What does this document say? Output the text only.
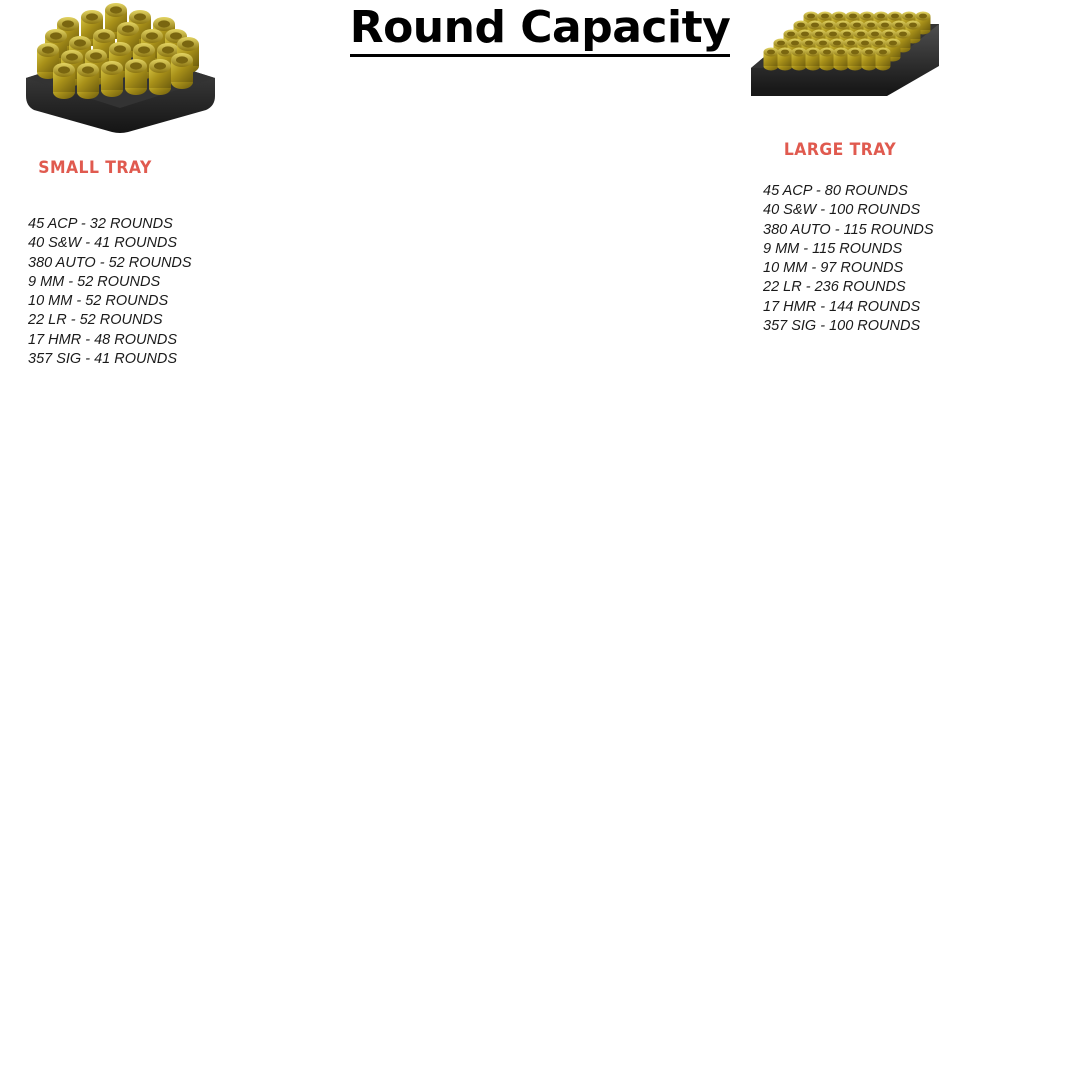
Round Capacity
SMALL TRAY
45 ACP - 32 ROUNDS
40 S&W - 41 ROUNDS
380 AUTO - 52 ROUNDS
9 MM - 52 ROUNDS
10 MM - 52 ROUNDS
22 LR - 52 ROUNDS
17 HMR - 48 ROUNDS
357 SIG - 41 ROUNDS
LARGE TRAY
45 ACP - 80 ROUNDS
40 S&W - 100 ROUNDS
380 AUTO - 115 ROUNDS
9 MM - 115 ROUNDS
10 MM - 97 ROUNDS
22 LR - 236 ROUNDS
17 HMR - 144 ROUNDS
357 SIG - 100 ROUNDS
